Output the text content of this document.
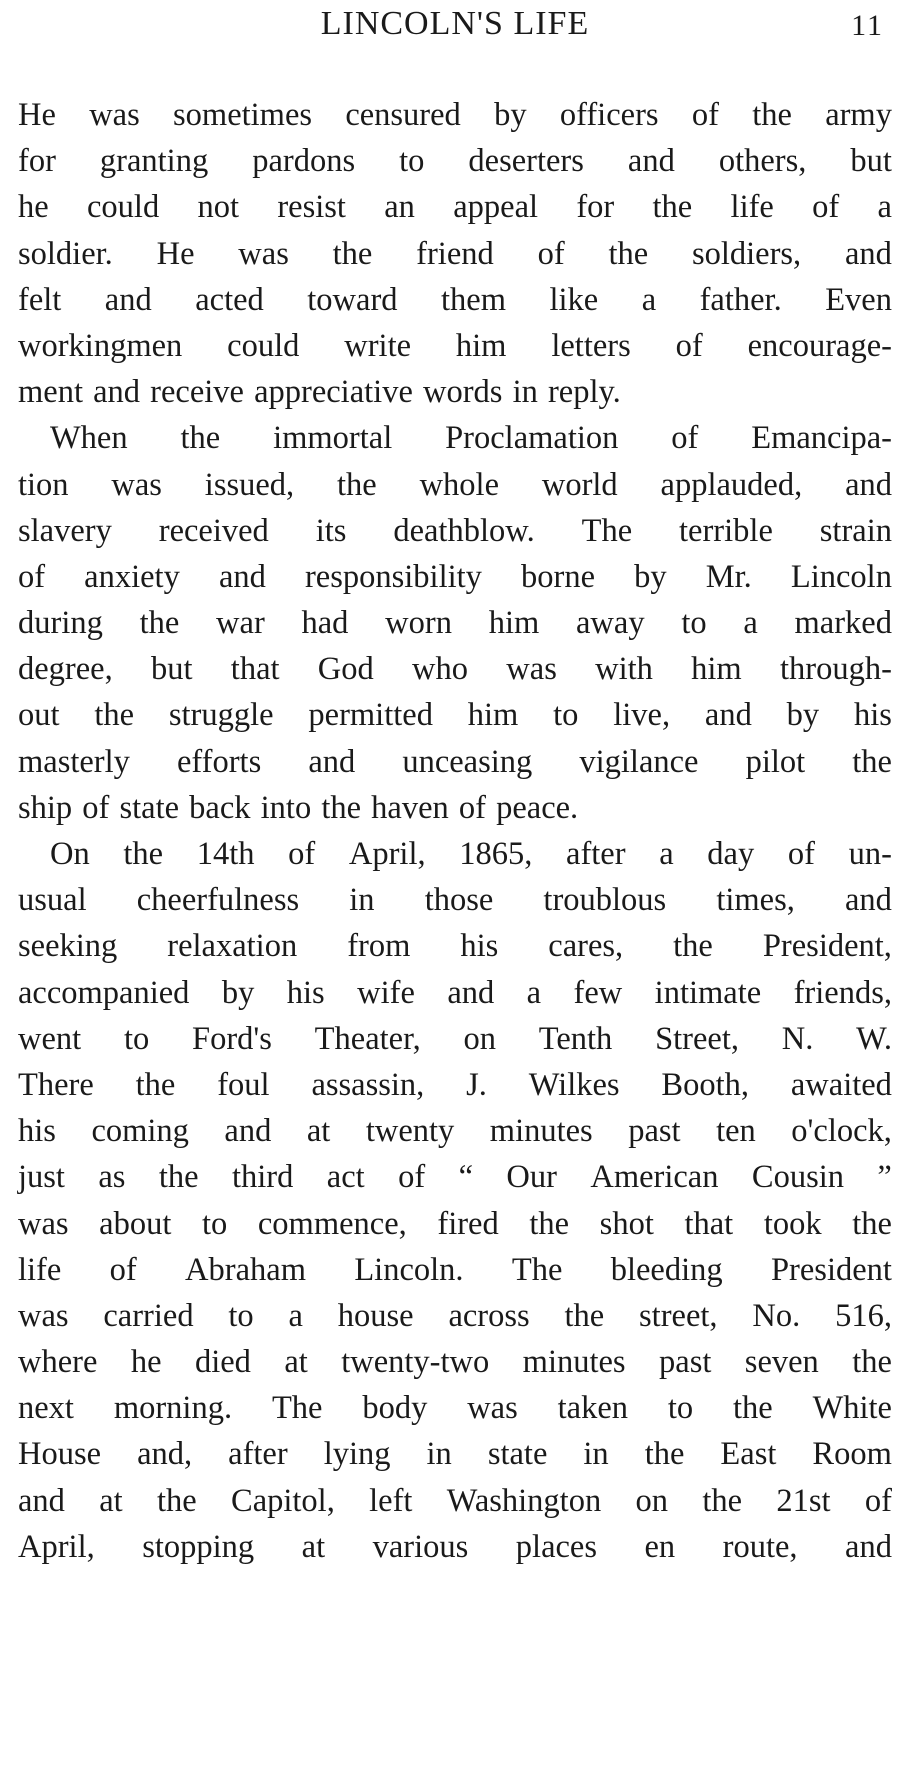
LINCOLN'S LIFE	11
He was sometimes censured by officers of the army
for granting pardons to deserters and others, but
he could not resist an appeal for the life of a
soldier. He was the friend of the soldiers, and
felt and acted toward them like a father. Even
workingmen could write him letters of encourage-
ment and receive appreciative words in reply.
When the immortal Proclamation of Emancipa-
tion was issued, the whole world applauded, and
slavery received its deathblow. The terrible strain
of anxiety and responsibility borne by Mr. Lincoln
during the war had worn him away to a marked
degree, but that God who was with him through-
out the struggle permitted him to live, and by his
masterly efforts and unceasing vigilance pilot the
ship of state back into the haven of peace.
On the 14th of April, 1865, after a day of un-
usual cheerfulness in those troublous times, and
seeking relaxation from his cares, the President,
accompanied by his wife and a few intimate friends,
went to Ford's Theater, on Tenth Street, N. W.
There the foul assassin, J. Wilkes Booth, awaited
his coming and at twenty minutes past ten o'clock,
just as the third act of “ Our American Cousin ”
was about to commence, fired the shot that took the
life of Abraham Lincoln. The bleeding President
was carried to a house across the street, No. 516,
where he died at twenty-two minutes past seven the
next morning. The body was taken to the White
House and, after lying in state in the East Room
and at the Capitol, left Washington on the 21st of
April, stopping at various places en route, and
